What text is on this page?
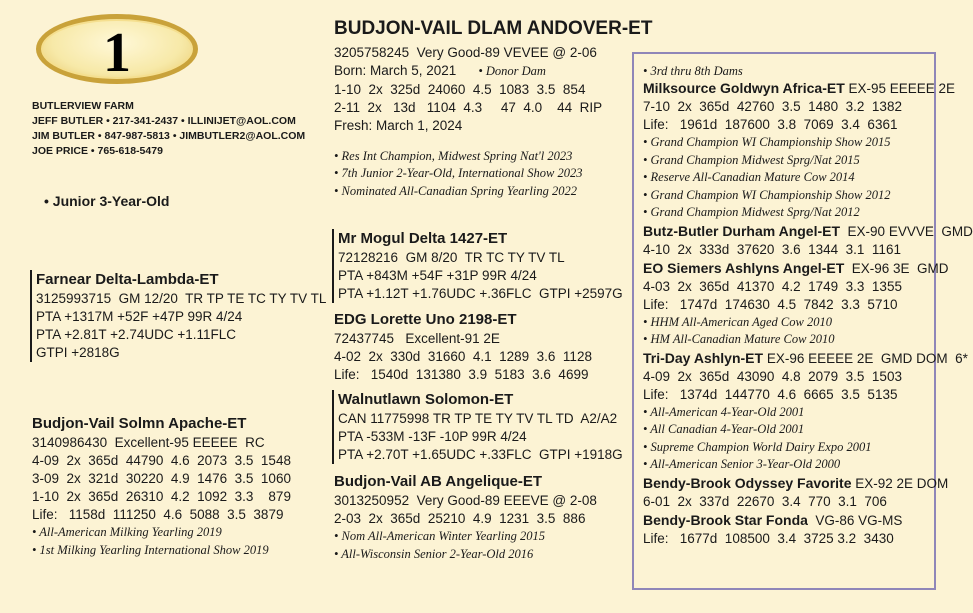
1
BUTLERVIEW FARM
JEFF BUTLER • 217-341-2437 • ILLINIJET@AOL.COM
JIM BUTLER • 847-987-5813 • JIMBUTLER2@AOL.COM
JOE PRICE • 765-618-5479
• Junior 3-Year-Old
BUDJON-VAIL DLAM ANDOVER-ET
3205758245  Very Good-89 VEVEE @ 2-06
Born: March 5, 2021• Donor Dam
1-10  2x  325d  24060  4.5  1083  3.5  854
2-11  2x   13d   1104  4.3     47  4.0    44  RIP
Fresh: March 1, 2024
• Res Int Champion, Midwest Spring Nat'l 2023
• 7th Junior 2-Year-Old, International Show 2023
• Nominated All-Canadian Spring Yearling 2022
Farnear Delta-Lambda-ET
3125993715  GM 12/20  TR TP TE TC TY TV TL
PTA +1317M +52F +47P 99R 4/24
PTA +2.81T +2.74UDC +1.11FLC
GTPI +2818G
Budjon-Vail Solmn Apache-ET
3140986430  Excellent-95 EEEEE  RC
4-09  2x  365d  44790  4.6  2073  3.5  1548
3-09  2x  321d  30220  4.9  1476  3.5  1060
1-10  2x  365d  26310  4.2  1092  3.3    879
Life:   1158d  111250  4.6  5088  3.5  3879
• All-American Milking Yearling 2019
• 1st Milking Yearling International Show 2019
Mr Mogul Delta 1427-ET
72128216  GM 8/20  TR TC TY TV TL
PTA +843M +54F +31P 99R 4/24
PTA +1.12T +1.76UDC +.36FLC  GTPI +2597G
EDG Lorette Uno 2198-ET
72437745   Excellent-91 2E
4-02  2x  330d  31660  4.1  1289  3.6  1128
Life:   1540d  131380  3.9  5183  3.6  4699
Walnutlawn Solomon-ET
CAN 11775998 TR TP TE TY TV TL TD  A2/A2
PTA -533M -13F -10P 99R 4/24
PTA +2.70T +1.65UDC +.33FLC  GTPI +1918G
Budjon-Vail AB Angelique-ET
3013250952  Very Good-89 EEEVE @ 2-08
2-03  2x  365d  25210  4.9  1231  3.5  886
• Nom All-American Winter Yearling 2015
• All-Wisconsin Senior 2-Year-Old 2016
• 3rd thru 8th Dams
Milksource Goldwyn Africa-ET EX-95 EEEEE 2E
7-10  2x  365d  42760  3.5  1480  3.2  1382
Life:   1961d  187600  3.8  7069  3.4  6361
• Grand Champion WI Championship Show 2015
• Grand Champion Midwest Sprg/Nat 2015
• Reserve All-Canadian Mature Cow 2014
• Grand Champion WI Championship Show 2012
• Grand Champion Midwest Sprg/Nat 2012
Butz-Butler Durham Angel-ET  EX-90 EVVVE  GMD
4-10  2x  333d  37620  3.6  1344  3.1  1161
EO Siemers Ashlyns Angel-ET  EX-96 3E  GMD
4-03  2x  365d  41370  4.2  1749  3.3  1355
Life:   1747d  174630  4.5  7842  3.3  5710
• HHM All-American Aged Cow 2010
• HM All-Canadian Mature Cow 2010
Tri-Day Ashlyn-ET EX-96 EEEEE 2E  GMD DOM  6*
4-09  2x  365d  43090  4.8  2079  3.5  1503
Life:   1374d  144770  4.6  6665  3.5  5135
• All-American 4-Year-Old 2001
• All Canadian 4-Year-Old 2001
• Supreme Champion World Dairy Expo 2001
• All-American Senior 3-Year-Old 2000
Bendy-Brook Odyssey Favorite EX-92 2E DOM
6-01  2x  337d  22670  3.4  770  3.1  706
Bendy-Brook Star Fonda  VG-86 VG-MS
Life:   1677d  108500  3.4  3725 3.2  3430
